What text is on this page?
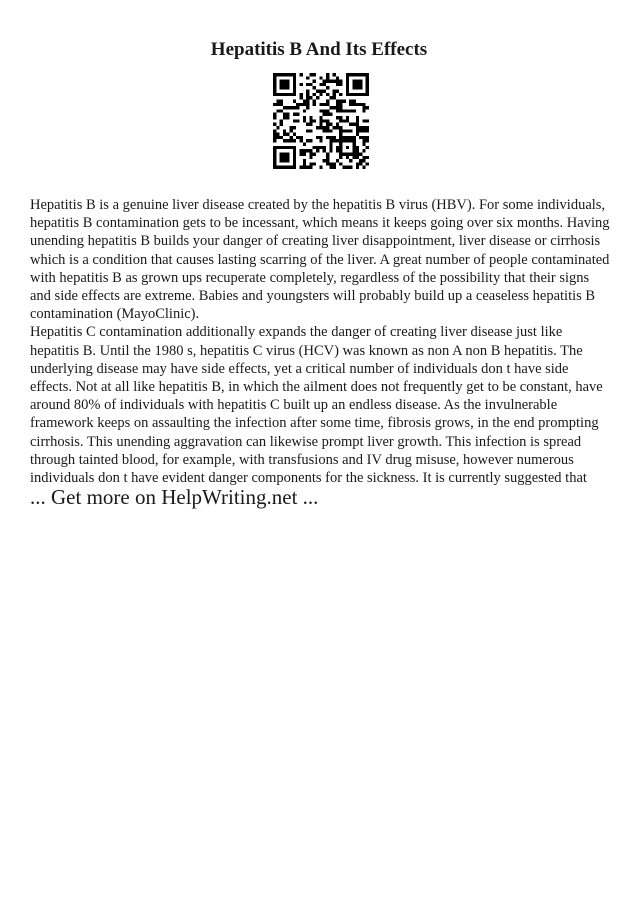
Hepatitis B And Its Effects

Hepatitis B is a genuine liver disease created by the hepatitis B virus (HBV). For some individuals, hepatitis B contamination gets to be incessant, which means it keeps going over six months. Having unending hepatitis B builds your danger of creating liver disappointment, liver disease or cirrhosis which is a condition that causes lasting scarring of the liver. A great number of people contaminated with hepatitis B as grown ups recuperate completely, regardless of the possibility that their signs and side effects are extreme. Babies and youngsters will probably build up a ceaseless hepatitis B contamination (MayoClinic).

Hepatitis C contamination additionally expands the danger of creating liver disease just like hepatitis B. Until the 1980 s, hepatitis C virus (HCV) was known as non A non B hepatitis. The underlying disease may have side effects, yet a critical number of individuals don t have side effects. Not at all like hepatitis B, in which the ailment does not frequently get to be constant, have around 80% of individuals with hepatitis C built up an endless disease. As the invulnerable framework keeps on assaulting the infection after some time, fibrosis grows, in the end prompting cirrhosis. This unending aggravation can likewise prompt liver growth. This infection is spread through tainted blood, for example, with transfusions and IV drug misuse, however numerous individuals don t have evident danger components for the sickness. It is currently suggested that

... Get more on HelpWriting.net ...
